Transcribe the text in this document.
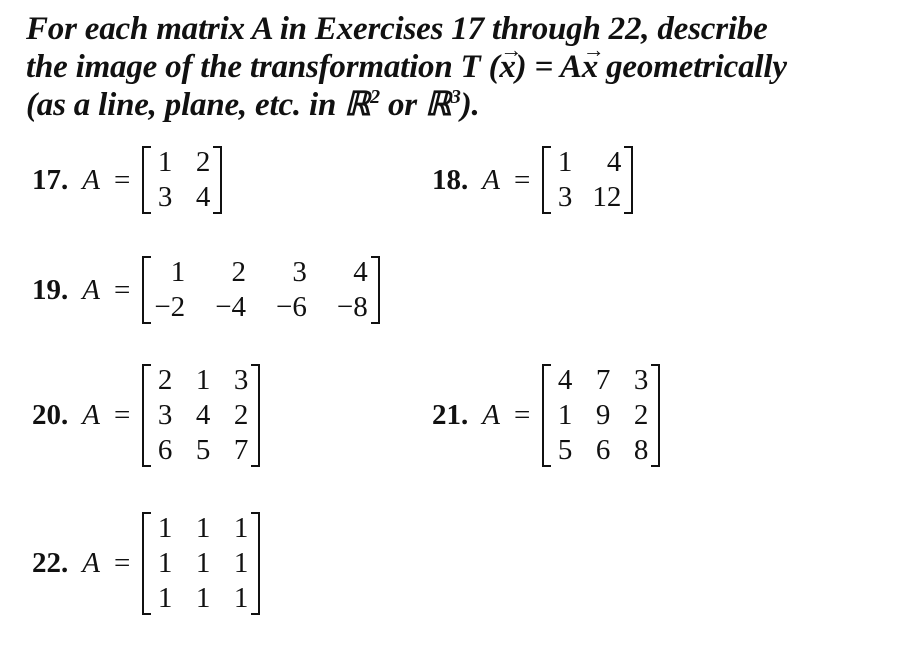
For each matrix A in Exercises 17 through 22, describe
the image of the transformation T (→ x) = A→ x geometrically
(as a line, plane, etc. in ℝ$^2$ or ℝ$^3$).
17. A =
1 2
3 4
18. A =
1	4
3 12
19. A =
1	2	3	4
−2 −4 −6 −8
20. A =
2 1 3
3 4 2
6 5 7
21. A =
4 7 3
1 9 2
5 6 8
22. A =
1 1 1
1 1 1
1 1 1
